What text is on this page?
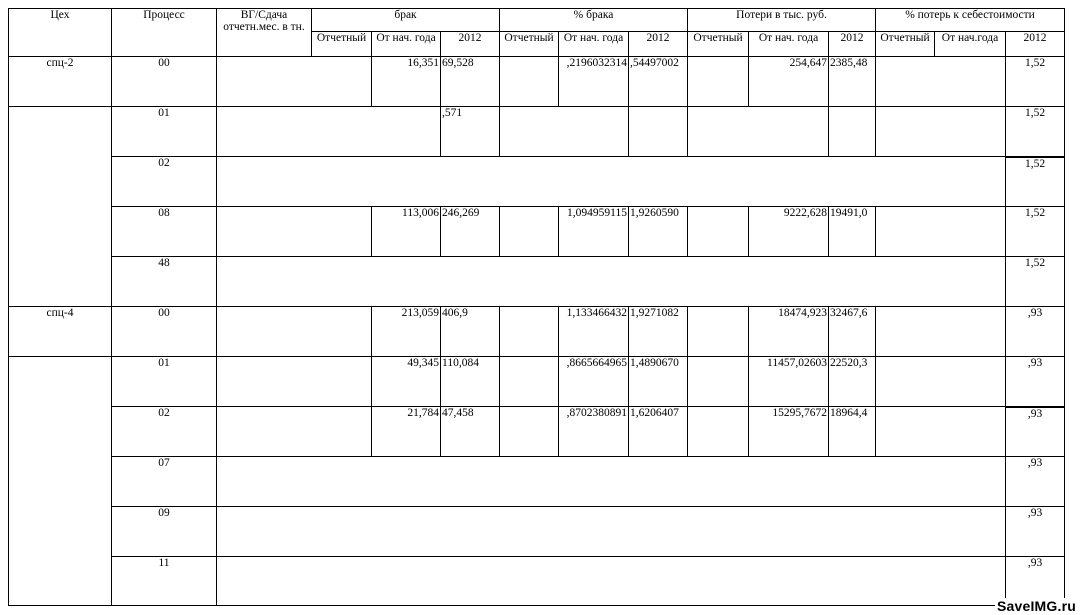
Цех	Процесс	ВГ/Сдача отчетн.мес. в тн.	брак			% брака			Потери в тыс. руб.			% потерь к себестоимости		
			Отчетный	От нач. года	2012	Отчетный	От нач. года	2012	Отчетный	От нач. года	2012	Отчетный	От нач.года	2012
спц-2	00			16,351	69,528		,2196032314	,54497002		254,647	2385,48			1,52
	01				,571									1,52
	02													1,52
	08			113,006	246,269		1,094959115	1,9260590		9222,628	19491,0			1,52
	48													1,52
спц-4	00			213,059	406,9		1,133466432	1,9271082		18474,923	32467,6			,93
	01			49,345	110,084		,8665664965	1,4890670		11457,02603	22520,3			,93
	02			21,784	47,458		,8702380891	1,6206407		15295,7672	18964,4			,93
	07													,93
	09													,93
	11													,93
SaveIMG.ru
